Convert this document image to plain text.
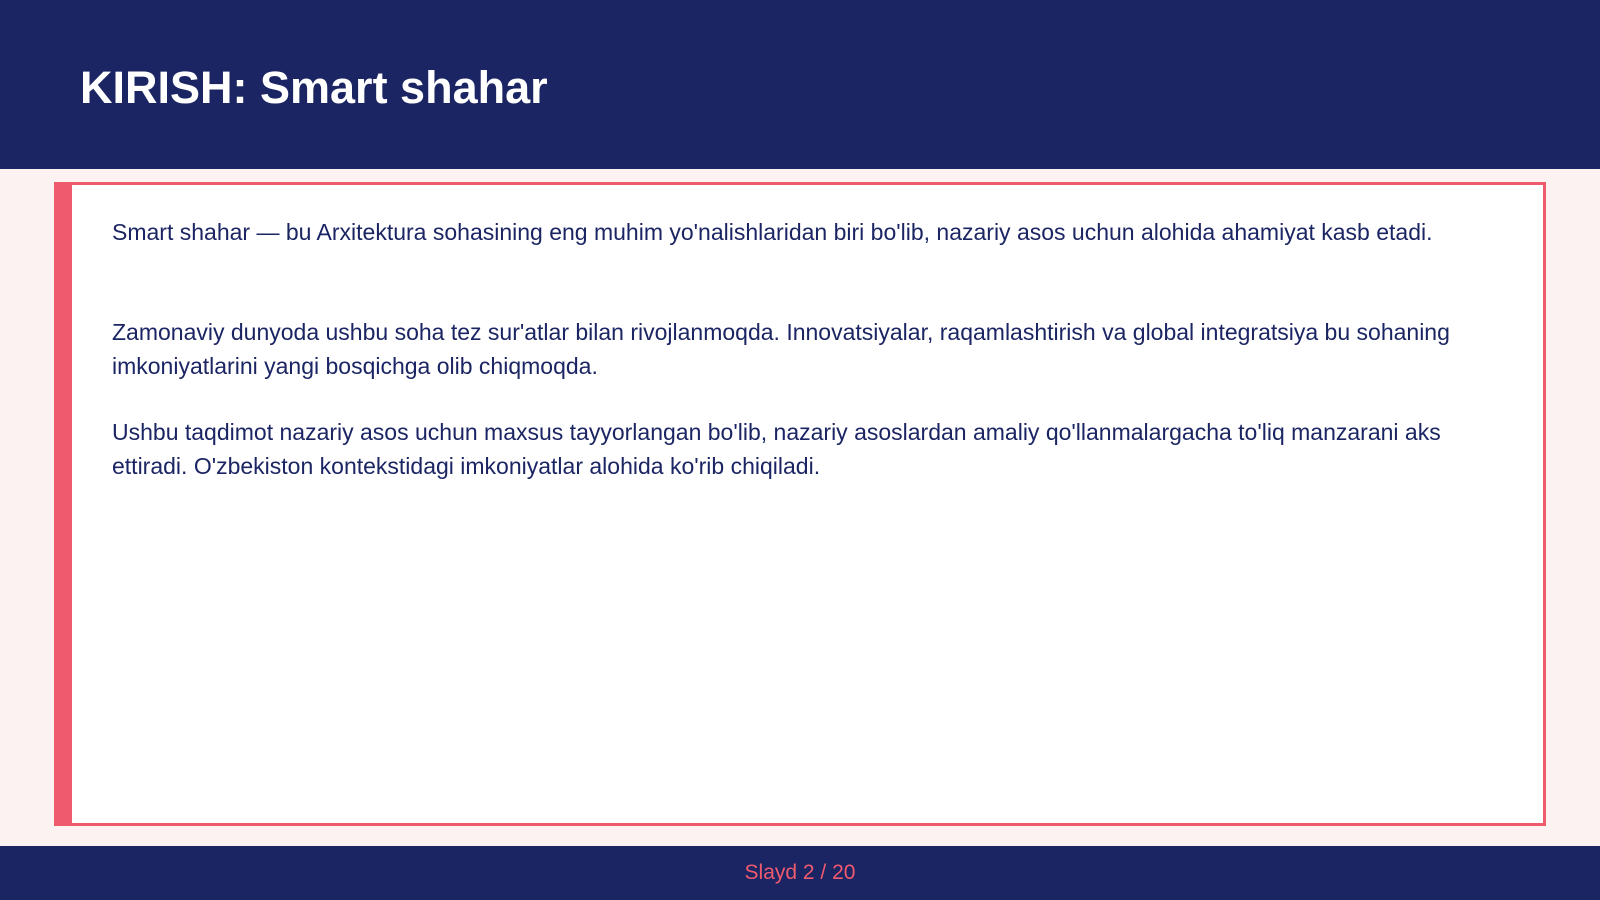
KIRISH: Smart shahar

Smart shahar — bu Arxitektura sohasining eng muhim yo'nalishlaridan biri bo'lib, nazariy asos uchun alohida ahamiyat kasb etadi.

Zamonaviy dunyoda ushbu soha tez sur'atlar bilan rivojlanmoqda. Innovatsiyalar, raqamlashtirish va global integratsiya bu sohaning imkoniyatlarini yangi bosqichga olib chiqmoqda.

Ushbu taqdimot nazariy asos uchun maxsus tayyorlangan bo'lib, nazariy asoslardan amaliy qo'llanmalargacha to'liq manzarani aks ettiradi. O'zbekiston kontekstidagi imkoniyatlar alohida ko'rib chiqiladi.

Slayd 2 / 20
